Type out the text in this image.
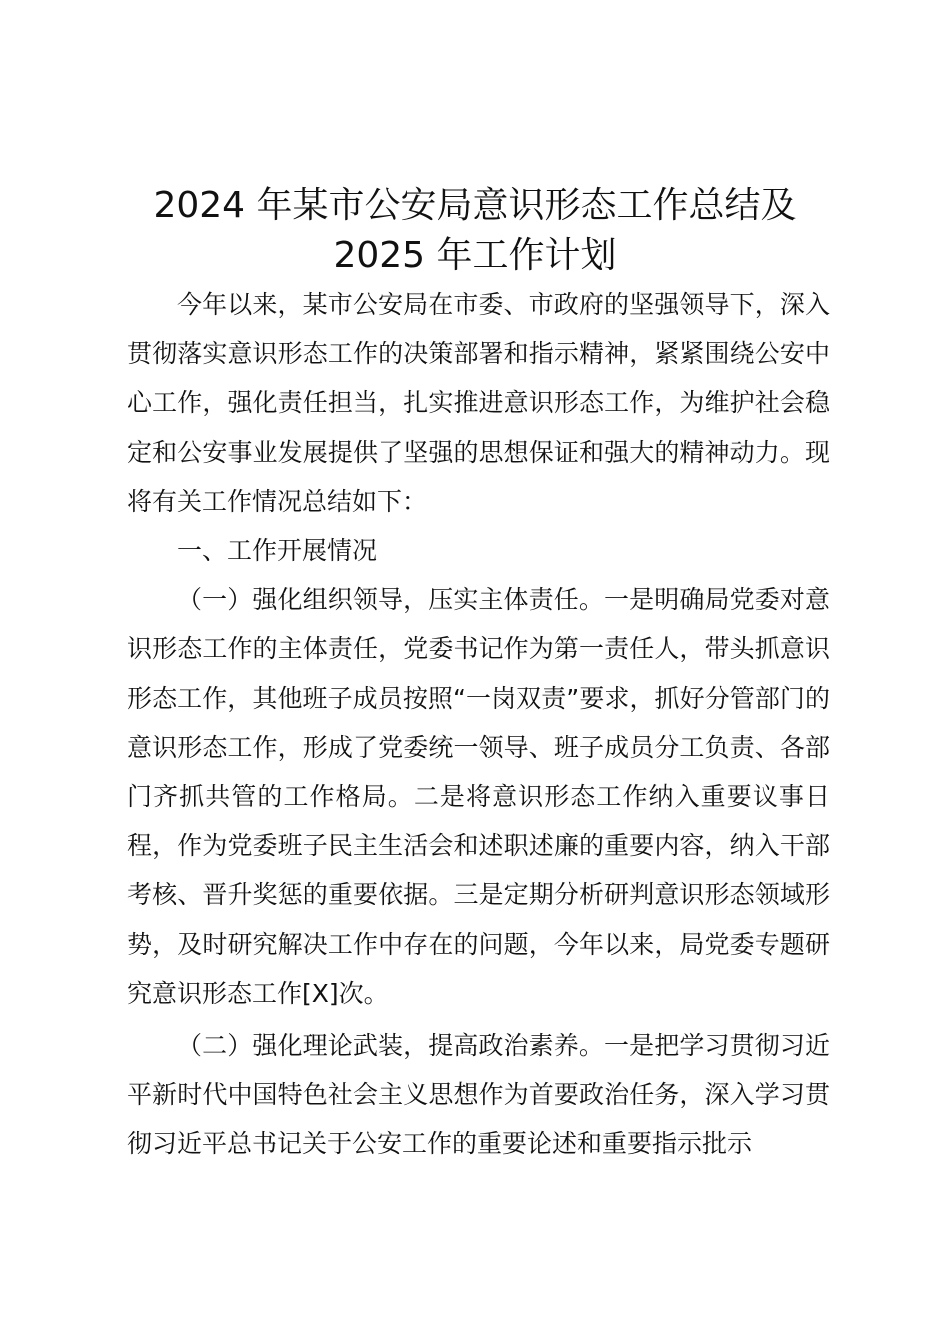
2024 年某市公安局意识形态工作总结及
2025 年工作计划

今年以来，某市公安局在市委、市政府的坚强领导下，深入贯彻落实意识形态工作的决策部署和指示精神，紧紧围绕公安中心工作，强化责任担当，扎实推进意识形态工作，为维护社会稳定和公安事业发展提供了坚强的思想保证和强大的精神动力。现将有关工作情况总结如下：

一、工作开展情况

（一）强化组织领导，压实主体责任。一是明确局党委对意识形态工作的主体责任，党委书记作为第一责任人，带头抓意识形态工作，其他班子成员按照“一岗双责”要求，抓好分管部门的意识形态工作，形成了党委统一领导、班子成员分工负责、各部门齐抓共管的工作格局。二是将意识形态工作纳入重要议事日程，作为党委班子民主生活会和述职述廉的重要内容，纳入干部考核、晋升奖惩的重要依据。三是定期分析研判意识形态领域形势，及时研究解决工作中存在的问题，今年以来，局党委专题研究意识形态工作[X]次。

（二）强化理论武装，提高政治素养。一是把学习贯彻习近平新时代中国特色社会主义思想作为首要政治任务，深入学习贯彻习近平总书记关于公安工作的重要论述和重要指示批示
